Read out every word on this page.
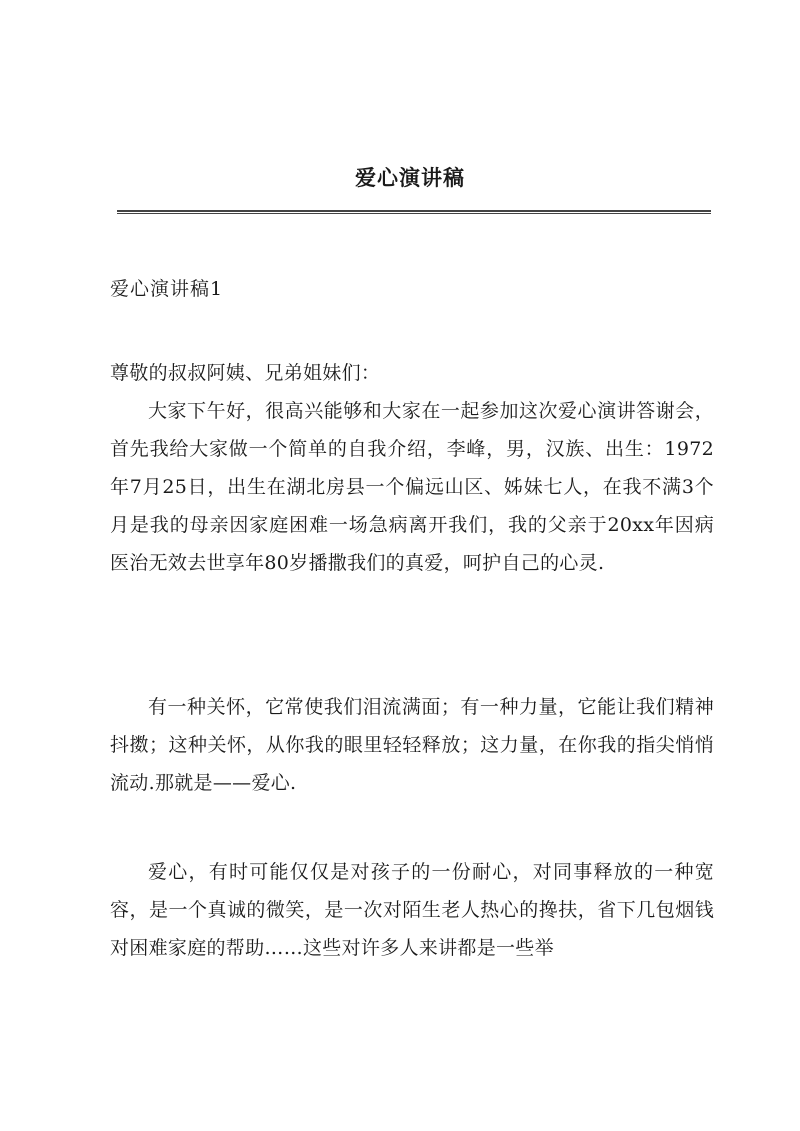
爱心演讲稿
爱心演讲稿1
尊敬的叔叔阿姨、兄弟姐妹们：

大家下午好，很高兴能够和大家在一起参加这次爱心演讲答谢会，首先我给大家做一个简单的自我介绍，李峰，男，汉族、出生：1972年7月25日，出生在湖北房县一个偏远山区、姊妹七人，在我不满3个月是我的母亲因家庭困难一场急病离开我们，我的父亲于20xx年因病医治无效去世享年80岁播撒我们的真爱，呵护自己的心灵.

有一种关怀，它常使我们泪流满面；有一种力量，它能让我们精神抖擞；这种关怀，从你我的眼里轻轻释放；这力量，在你我的指尖悄悄流动.那就是——爱心.

爱心，有时可能仅仅是对孩子的一份耐心，对同事释放的一种宽容，是一个真诚的微笑，是一次对陌生老人热心的搀扶，省下几包烟钱对困难家庭的帮助……这些对许多人来讲都是一些举
